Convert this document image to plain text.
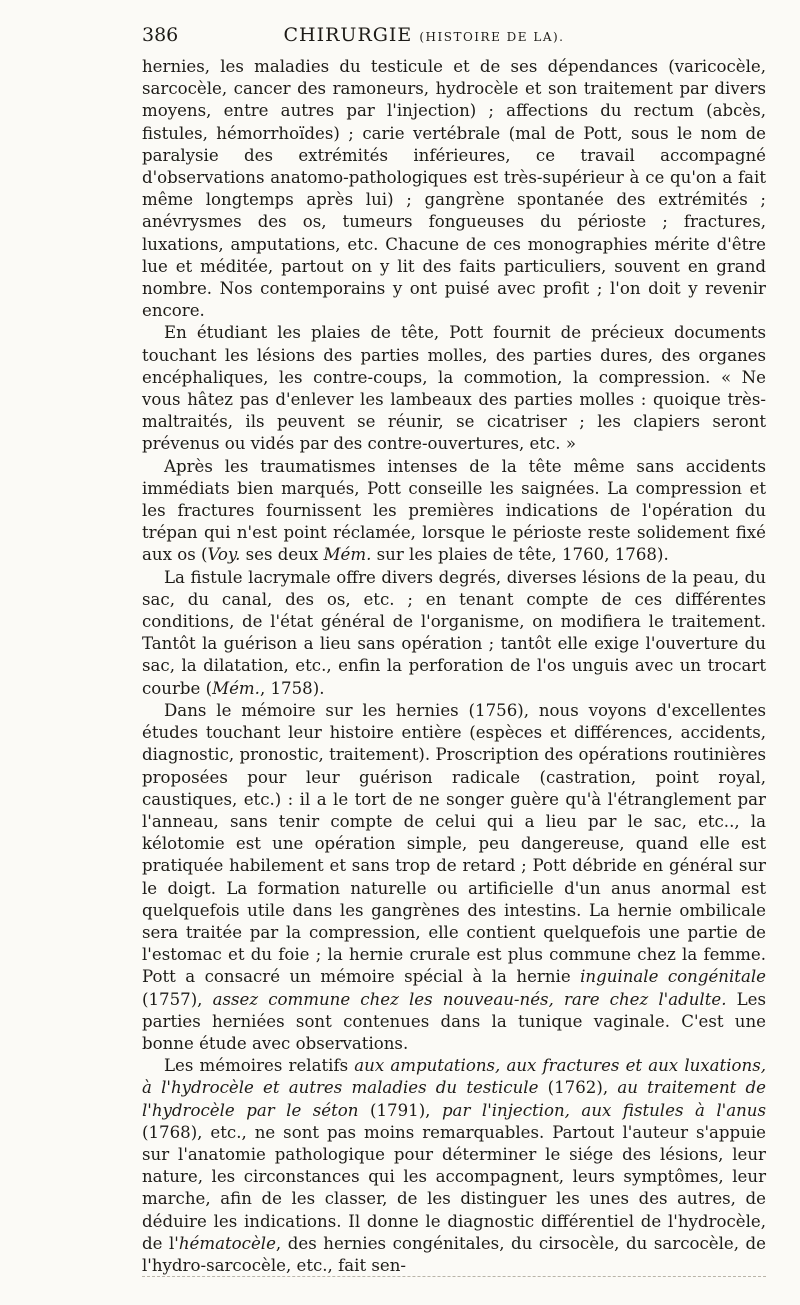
386	CHIRURGIE (HISTOIRE DE LA).

hernies, les maladies du testicule et de ses dépendances (varicocèle, sarcocèle, cancer des ramoneurs, hydrocèle et son traitement par divers moyens, entre autres par l'injection) ; affections du rectum (abcès, fistules, hémorrhoïdes) ; carie vertébrale (mal de Pott, sous le nom de paralysie des extrémités inférieures, ce travail accompagné d'observations anatomo-pathologiques est très-supérieur à ce qu'on a fait même longtemps après lui) ; gangrène spontanée des extrémités ; anévrysmes des os, tumeurs fongueuses du périoste ; fractures, luxations, amputations, etc. Chacune de ces monographies mérite d'être lue et méditée, partout on y lit des faits particuliers, souvent en grand nombre. Nos contemporains y ont puisé avec profit ; l'on doit y revenir encore.

En étudiant les plaies de tête, Pott fournit de précieux documents touchant les lésions des parties molles, des parties dures, des organes encéphaliques, les contre-coups, la commotion, la compression. « Ne vous hâtez pas d'enlever les lambeaux des parties molles : quoique très-maltraités, ils peuvent se réunir, se cicatriser ; les clapiers seront prévenus ou vidés par des contre-ouvertures, etc. »

Après les traumatismes intenses de la tête même sans accidents immédiats bien marqués, Pott conseille les saignées. La compression et les fractures fournissent les premières indications de l'opération du trépan qui n'est point réclamée, lorsque le périoste reste solidement fixé aux os (Voy. ses deux Mém. sur les plaies de tête, 1760, 1768).

La fistule lacrymale offre divers degrés, diverses lésions de la peau, du sac, du canal, des os, etc. ; en tenant compte de ces différentes conditions, de l'état général de l'organisme, on modifiera le traitement. Tantôt la guérison a lieu sans opération ; tantôt elle exige l'ouverture du sac, la dilatation, etc., enfin la perforation de l'os unguis avec un trocart courbe (Mém., 1758).

Dans le mémoire sur les hernies (1756), nous voyons d'excellentes études touchant leur histoire entière (espèces et différences, accidents, diagnostic, pronostic, traitement). Proscription des opérations routinières proposées pour leur guérison radicale (castration, point royal, caustiques, etc.) : il a le tort de ne songer guère qu'à l'étranglement par l'anneau, sans tenir compte de celui qui a lieu par le sac, etc.., la kélotomie est une opération simple, peu dangereuse, quand elle est pratiquée habilement et sans trop de retard ; Pott débride en général sur le doigt. La formation naturelle ou artificielle d'un anus anormal est quelquefois utile dans les gangrènes des intestins. La hernie ombilicale sera traitée par la compression, elle contient quelquefois une partie de l'estomac et du foie ; la hernie crurale est plus commune chez la femme. Pott a consacré un mémoire spécial à la hernie inguinale congénitale (1757), assez commune chez les nouveau-nés, rare chez l'adulte. Les parties herniées sont contenues dans la tunique vaginale. C'est une bonne étude avec observations.

Les mémoires relatifs aux amputations, aux fractures et aux luxations, à l'hydrocèle et autres maladies du testicule (1762), au traitement de l'hydrocèle par le séton (1791), par l'injection, aux fistules à l'anus (1768), etc., ne sont pas moins remarquables. Partout l'auteur s'appuie sur l'anatomie pathologique pour déterminer le siége des lésions, leur nature, les circonstances qui les accompagnent, leurs symptômes, leur marche, afin de les classer, de les distinguer les unes des autres, de déduire les indications. Il donne le diagnostic différentiel de l'hydrocèle, de l'hématocèle, des hernies congénitales, du cirsocèle, du sarcocèle, de l'hydro-sarcocèle, etc., fait sen-
